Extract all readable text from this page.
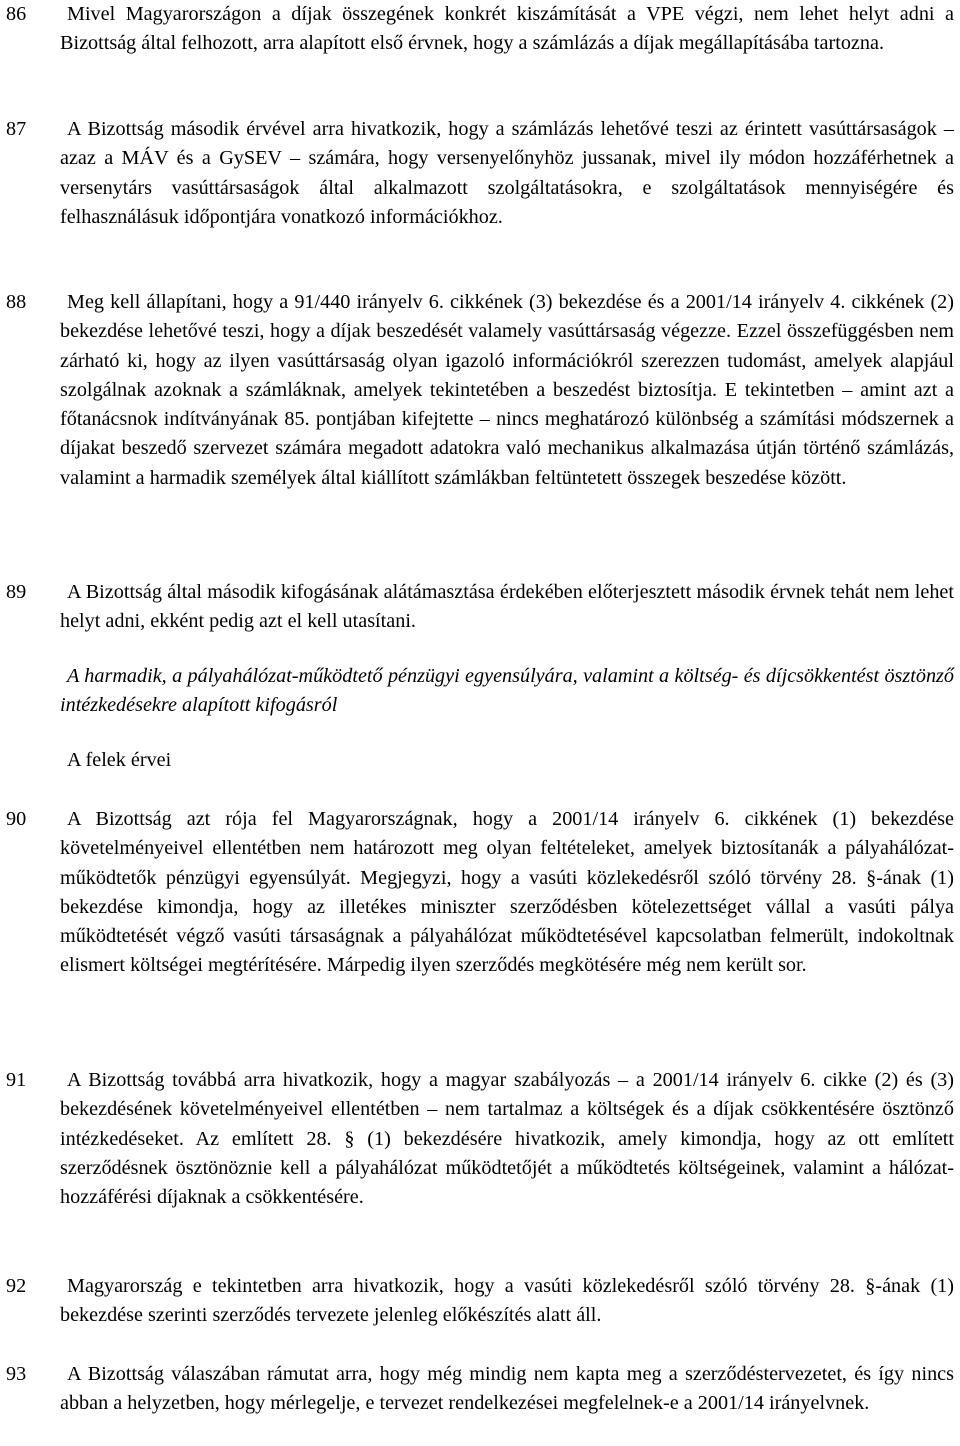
86	Mivel Magyarországon a díjak összegének konkrét kiszámítását a VPE végzi, nem lehet helyt adni a Bizottság által felhozott, arra alapított első érvnek, hogy a számlázás a díjak megállapításába tartozna.
87	A Bizottság második érvével arra hivatkozik, hogy a számlázás lehetővé teszi az érintett vasúttársaságok – azaz a MÁV és a GySEV – számára, hogy versenyelőnyhöz jussanak, mivel ily módon hozzáférhetnek a versenytárs vasúttársaságok által alkalmazott szolgáltatásokra, e szolgáltatások mennyiségére és felhasználásuk időpontjára vonatkozó információkhoz.
88	Meg kell állapítani, hogy a 91/440 irányelv 6. cikkének (3) bekezdése és a 2001/14 irányelv 4. cikkének (2) bekezdése lehetővé teszi, hogy a díjak beszedését valamely vasúttársaság végezze. Ezzel összefüggésben nem zárható ki, hogy az ilyen vasúttársaság olyan igazoló információkról szerezzen tudomást, amelyek alapjául szolgálnak azoknak a számláknak, amelyek tekintetében a beszedést biztosítja. E tekintetben – amint azt a főtanácsnok indítványának 85. pontjában kifejtette – nincs meghatározó különbség a számítási módszernek a díjakat beszedő szervezet számára megadott adatokra való mechanikus alkalmazása útján történő számlázás, valamint a harmadik személyek által kiállított számlákban feltüntetett összegek beszedése között.
89	A Bizottság által második kifogásának alátámasztása érdekében előterjesztett második érvnek tehát nem lehet helyt adni, ekként pedig azt el kell utasítani.
A harmadik, a pályahálózat-működtető pénzügyi egyensúlyára, valamint a költség- és díjcsökkentést ösztönző intézkedésekre alapított kifogásról
A felek érvei
90	A Bizottság azt rója fel Magyarországnak, hogy a 2001/14 irányelv 6. cikkének (1) bekezdése követelményeivel ellentétben nem határozott meg olyan feltételeket, amelyek biztosítanák a pályahálózat-működtetők pénzügyi egyensúlyát. Megjegyzi, hogy a vasúti közlekedésről szóló törvény 28. §-ának (1) bekezdése kimondja, hogy az illetékes miniszter szerződésben kötelezettséget vállal a vasúti pálya működtetését végző vasúti társaságnak a pályahálózat működtetésével kapcsolatban felmerült, indokoltnak elismert költségei megtérítésére. Márpedig ilyen szerződés megkötésére még nem került sor.
91	A Bizottság továbbá arra hivatkozik, hogy a magyar szabályozás – a 2001/14 irányelv 6. cikke (2) és (3) bekezdésének követelményeivel ellentétben – nem tartalmaz a költségek és a díjak csökkentésére ösztönző intézkedéseket. Az említett 28. § (1) bekezdésére hivatkozik, amely kimondja, hogy az ott említett szerződésnek ösztönöznie kell a pályahálózat működtetőjét a működtetés költségeinek, valamint a hálózat-hozzáférési díjaknak a csökkentésére.
92	Magyarország e tekintetben arra hivatkozik, hogy a vasúti közlekedésről szóló törvény 28. §-ának (1) bekezdése szerinti szerződés tervezete jelenleg előkészítés alatt áll.
93	A Bizottság válaszában rámutat arra, hogy még mindig nem kapta meg a szerződéstervezetet, és így nincs abban a helyzetben, hogy mérlegelje, e tervezet rendelkezései megfelelnek-e a 2001/14 irányelvnek.
